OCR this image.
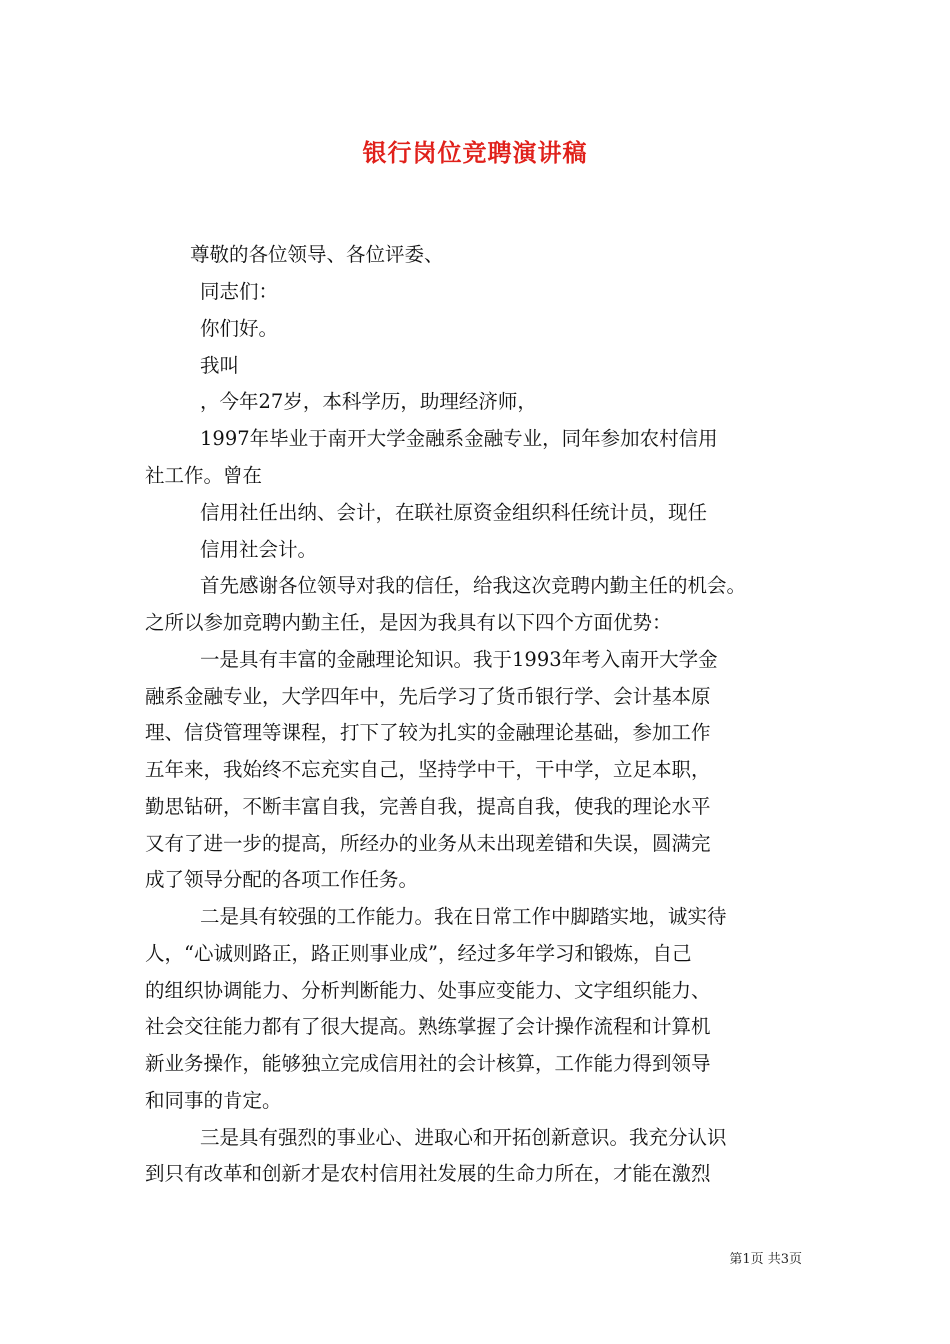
银行岗位竞聘演讲稿
尊敬的各位领导、各位评委、
同志们：
你们好。
我叫
，今年27岁，本科学历，助理经济师，
1997年毕业于南开大学金融系金融专业，同年参加农村信用
社工作。曾在
信用社任出纳、会计，在联社原资金组织科任统计员，现任
信用社会计。
首先感谢各位领导对我的信任，给我这次竞聘内勤主任的机会。
之所以参加竞聘内勤主任，是因为我具有以下四个方面优势：
一是具有丰富的金融理论知识。我于1993年考入南开大学金
融系金融专业，大学四年中，先后学习了货币银行学、会计基本原
理、信贷管理等课程，打下了较为扎实的金融理论基础，参加工作
五年来，我始终不忘充实自己，坚持学中干，干中学，立足本职，
勤思钻研，不断丰富自我，完善自我，提高自我，使我的理论水平
又有了进一步的提高，所经办的业务从未出现差错和失误，圆满完
成了领导分配的各项工作任务。
二是具有较强的工作能力。我在日常工作中脚踏实地，诚实待
人，“心诚则路正，路正则事业成”，经过多年学习和锻炼，自己
的组织协调能力、分析判断能力、处事应变能力、文字组织能力、
社会交往能力都有了很大提高。熟练掌握了会计操作流程和计算机
新业务操作，能够独立完成信用社的会计核算，工作能力得到领导
和同事的肯定。
三是具有强烈的事业心、进取心和开拓创新意识。我充分认识
到只有改革和创新才是农村信用社发展的生命力所在，才能在激烈
第1页 共3页
